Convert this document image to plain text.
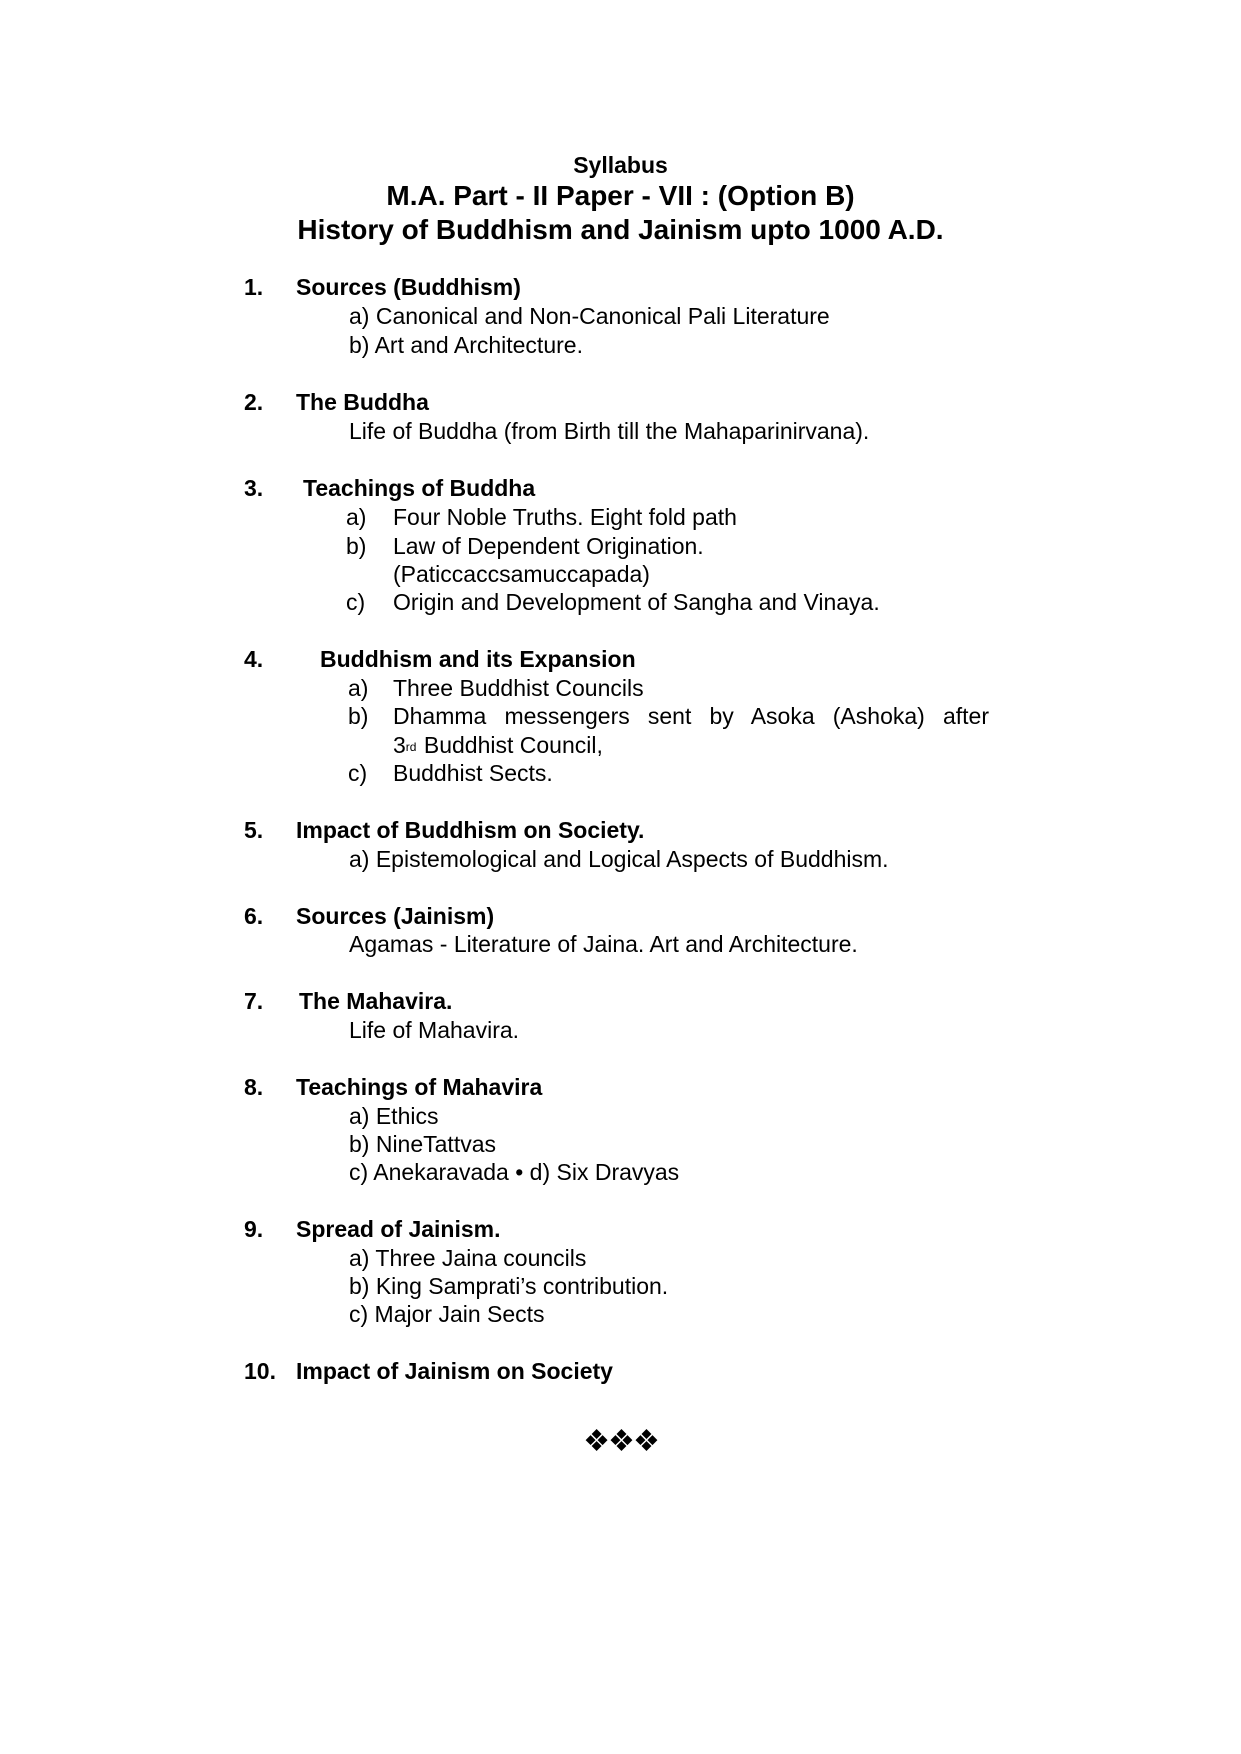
Syllabus
M.A. Part - II Paper - VII : (Option B)
History of Buddhism and Jainism upto 1000 A.D.
1. Sources (Buddhism)
a) Canonical and Non-Canonical Pali Literature
b) Art and Architecture.
2. The Buddha
Life of Buddha (from Birth till the Mahaparinirvana).
3. Teachings of Buddha
a) Four Noble Truths. Eight fold path
b) Law of Dependent Origination.
(Paticcaccsamuccapada)
c) Origin and Development of Sangha and Vinaya.
4. Buddhism and its Expansion
a) Three Buddhist Councils
b) Dhamma messengers sent by Asoka (Ashoka) after
3rd Buddhist Council,
c) Buddhist Sects.
5. Impact of Buddhism on Society.
a) Epistemological and Logical Aspects of Buddhism.
6. Sources (Jainism)
Agamas - Literature of Jaina. Art and Architecture.
7. The Mahavira.
Life of Mahavira.
8. Teachings of Mahavira
a) Ethics
b) NineTattvas
c) Anekaravada • d) Six Dravyas
9. Spread of Jainism.
a) Three Jaina councils
b) King Samprati’s contribution.
c) Major Jain Sects
10. Impact of Jainism on Society
❖❖❖
